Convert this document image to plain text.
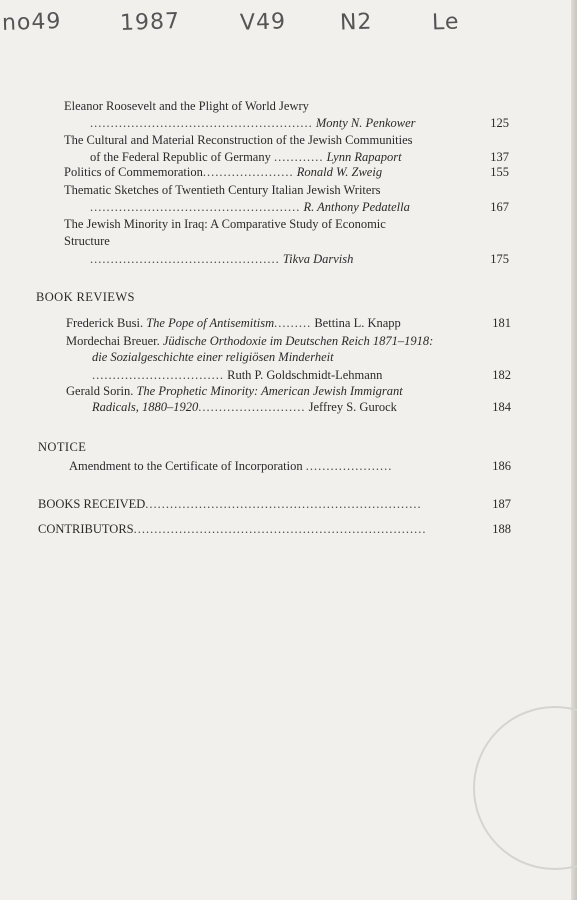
no49	1987	V49 N2	Le
Eleanor Roosevelt and the Plight of World Jewry
...................................................... Monty N. Penkower	125
The Cultural and Material Reconstruction of the Jewish Communities
of the Federal Republic of Germany ............ Lynn Rapaport	137
Politics of Commemoration...................... Ronald W. Zweig	155
Thematic Sketches of Twentieth Century Italian Jewish Writers
................................................... R. Anthony Pedatella	167
The Jewish Minority in Iraq: A Comparative Study of Economic
Structure
.............................................. Tikva Darvish	175
BOOK REVIEWS
Frederick Busi. The Pope of Antisemitism......... Bettina L. Knapp	181
Mordechai Breuer. Jüdische Orthodoxie im Deutschen Reich 1871–1918:
die Sozialgeschichte einer religiösen Minderheit
................................ Ruth P. Goldschmidt-Lehmann	182
Gerald Sorin. The Prophetic Minority: American Jewish Immigrant
Radicals, 1880–1920.......................... Jeffrey S. Gurock	184
NOTICE
Amendment to the Certificate of Incorporation .....................	186
BOOKS RECEIVED...................................................................	187
CONTRIBUTORS.......................................................................	188
